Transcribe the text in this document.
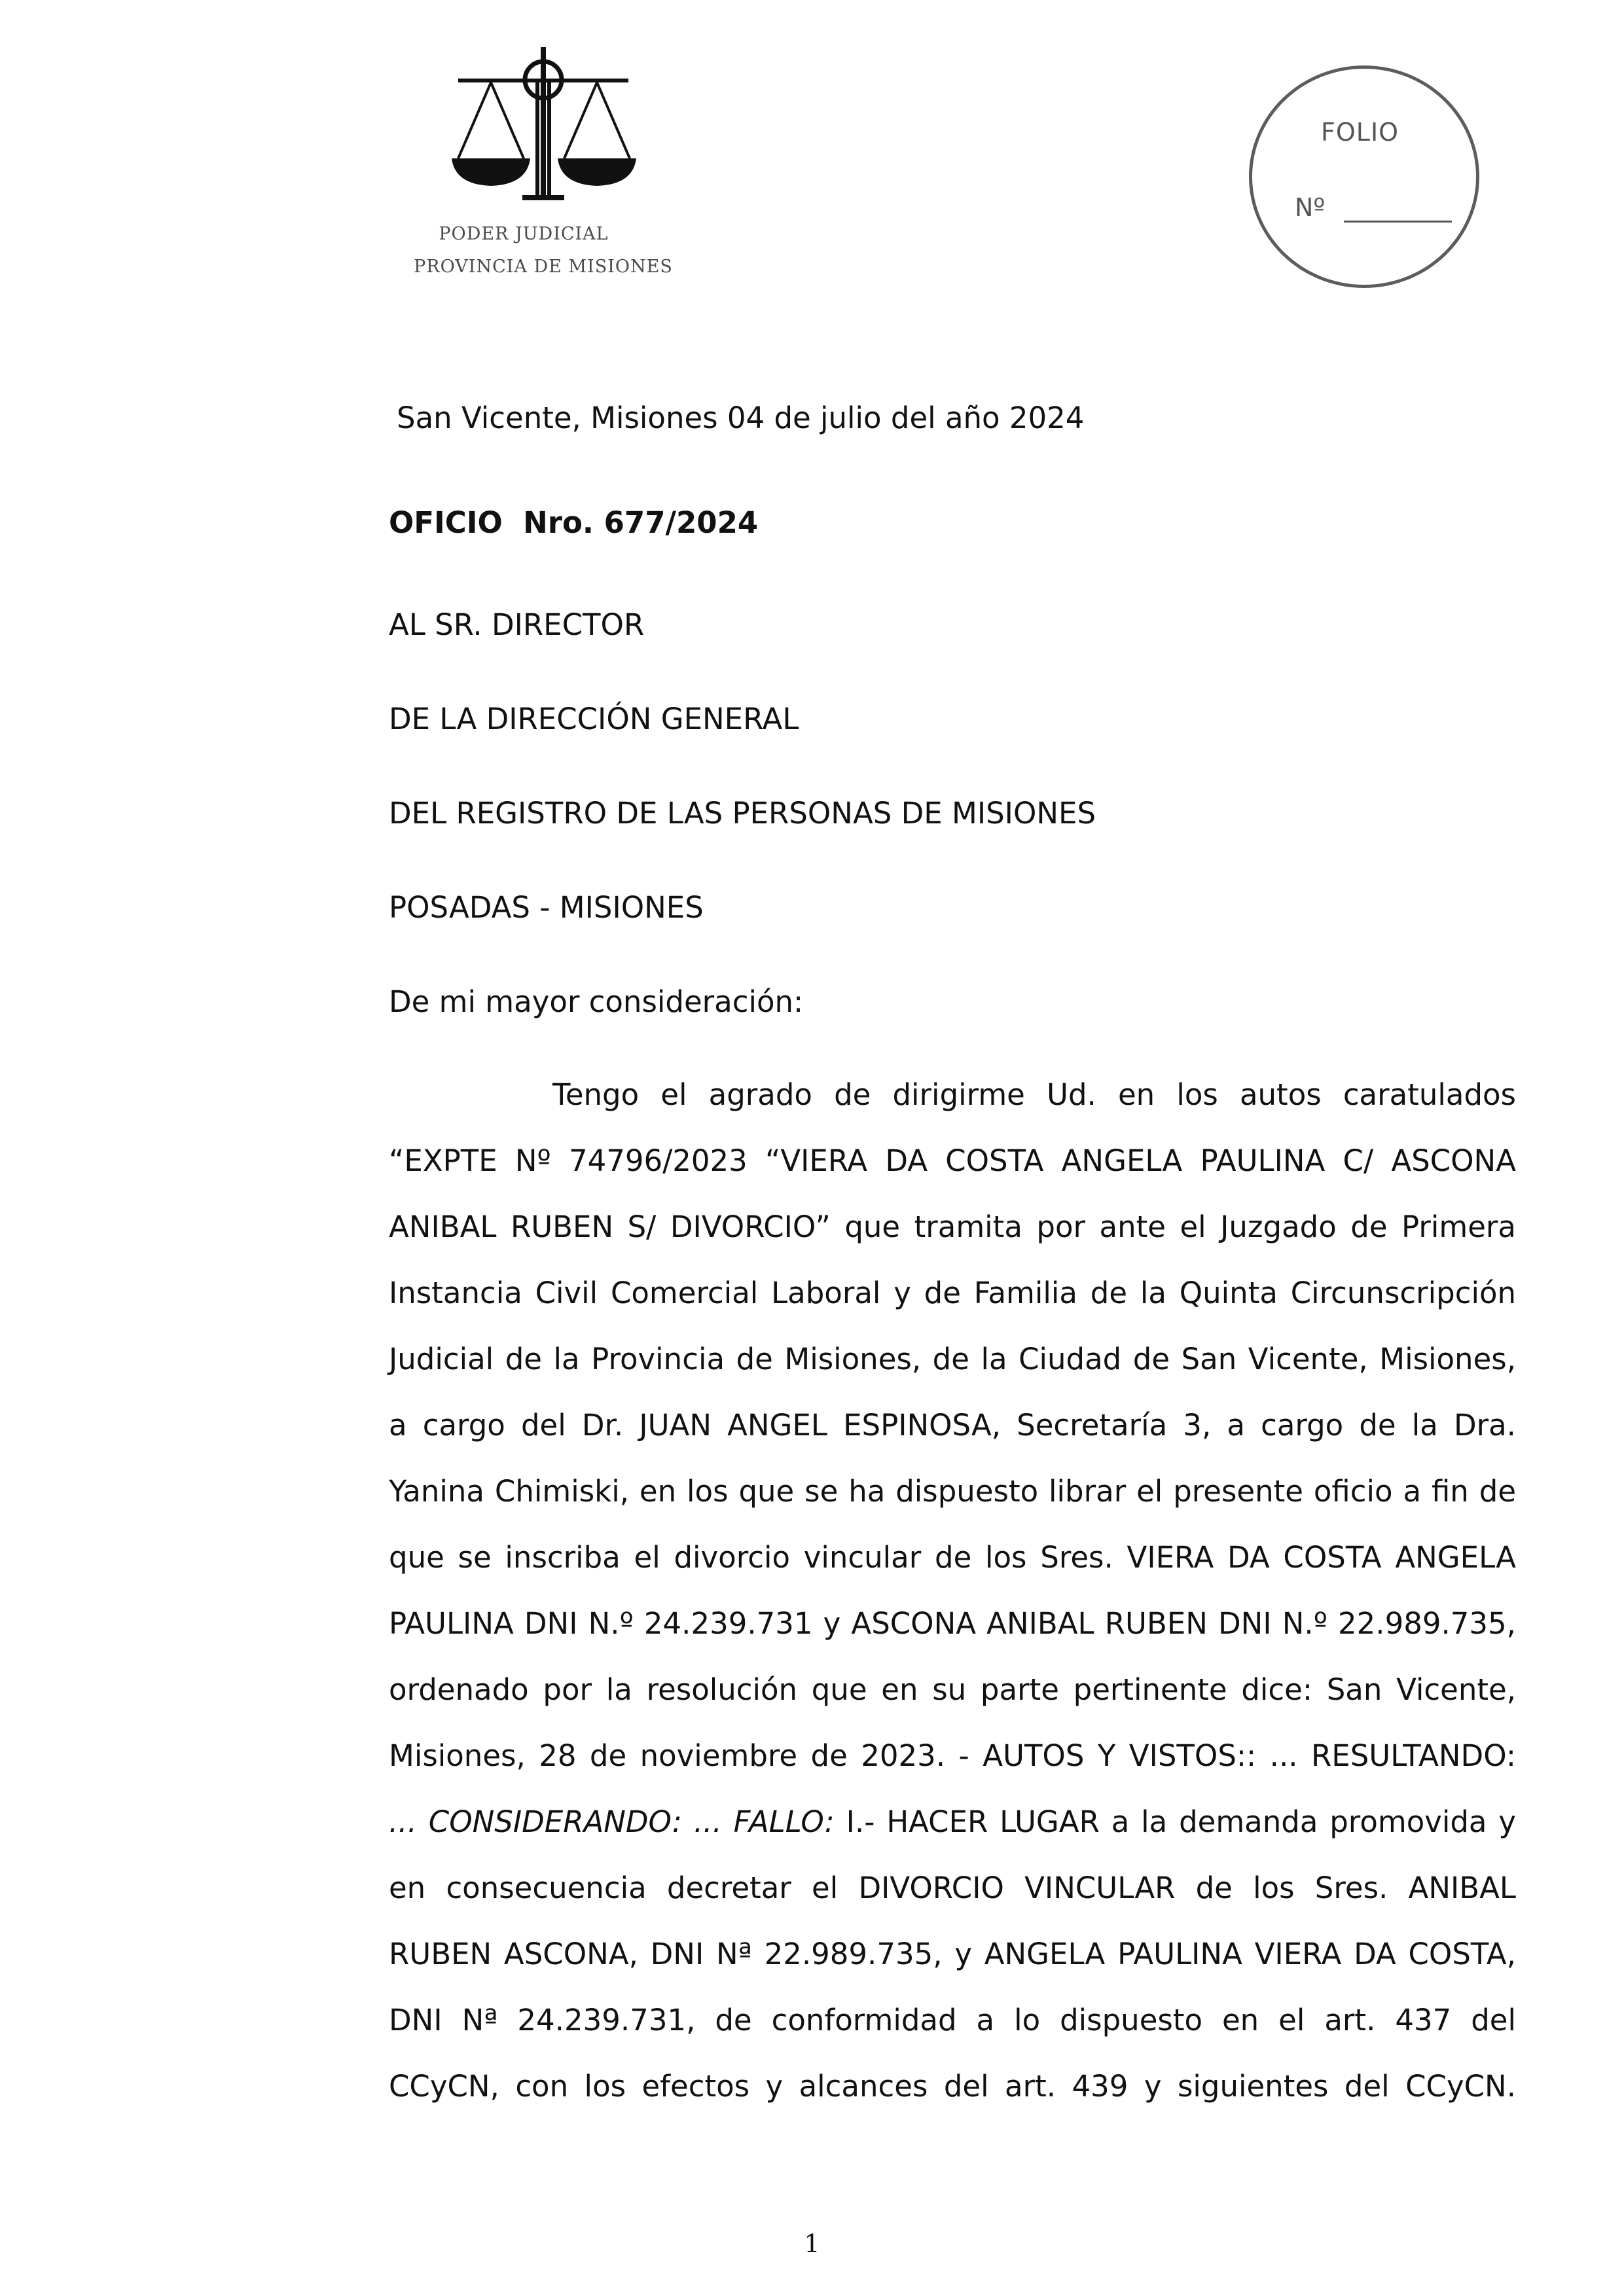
PODER JUDICIAL
PROVINCIA DE MISIONES
FOLIO
Nº
San Vicente, Misiones 04 de julio del año 2024
OFICIO  Nro. 677/2024
AL SR. DIRECTOR
DE LA DIRECCIÓN GENERAL
DEL REGISTRO DE LAS PERSONAS DE MISIONES
POSADAS - MISIONES
De mi mayor consideración:
Tengo el agrado de dirigirme Ud. en los autos caratulados
“EXPTE Nº 74796/2023 “VIERA DA COSTA ANGELA PAULINA C/ ASCONA
ANIBAL RUBEN S/ DIVORCIO” que tramita por ante el Juzgado de Primera
Instancia Civil Comercial Laboral y de Familia de la Quinta Circunscripción
Judicial de la Provincia de Misiones, de la Ciudad de San Vicente, Misiones,
a cargo del Dr. JUAN ANGEL ESPINOSA, Secretaría 3, a cargo de la Dra.
Yanina Chimiski, en los que se ha dispuesto librar el presente oficio a fin de
que se inscriba el divorcio vincular de los Sres. VIERA DA COSTA ANGELA
PAULINA DNI N.º 24.239.731 y ASCONA ANIBAL RUBEN DNI N.º 22.989.735,
ordenado por la resolución que en su parte pertinente dice: San Vicente,
Misiones, 28 de noviembre de 2023. - AUTOS Y VISTOS:: ... RESULTANDO:
... CONSIDERANDO: ... FALLO: I.- HACER LUGAR a la demanda promovida y
en consecuencia decretar el DIVORCIO VINCULAR de los Sres. ANIBAL
RUBEN ASCONA, DNI Nª 22.989.735, y ANGELA PAULINA VIERA DA COSTA,
DNI Nª 24.239.731, de conformidad a lo dispuesto en el art. 437 del
CCyCN, con los efectos y alcances del art. 439 y siguientes del CCyCN.
1
